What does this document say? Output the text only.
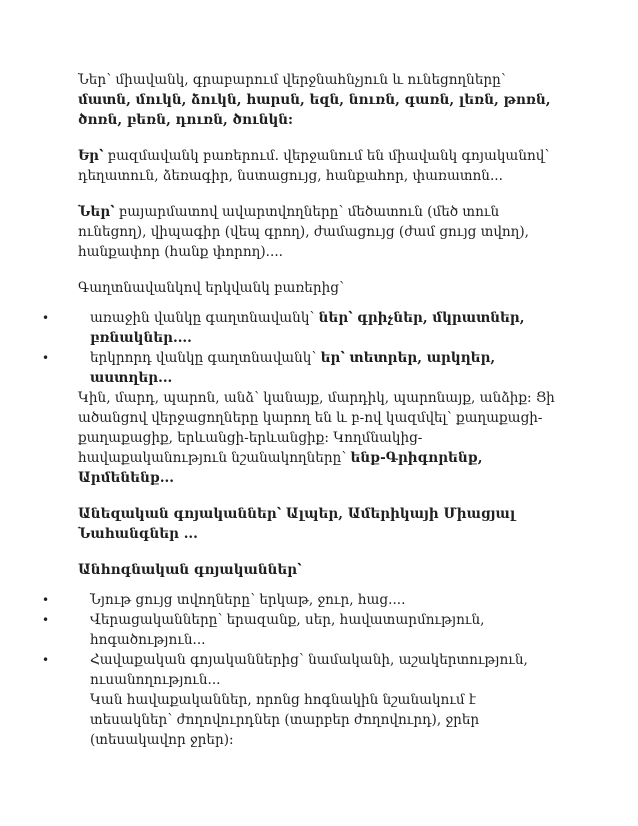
Ներ՝ միավանկ, գրաբարում վերջնահնչյուն և ունեցողները՝ մատն, մուկն, ձուկն, հարսն, եզն, նուռն, գառն, լեռն, թոռն, ծոռն, բեռն, դուռն, ծունկն:

Եր՝ բազմավանկ բառերում. վերջանում են միավանկ գոյականով՝ դեղատուն, ձեռագիր, նստացույց, հանքահոր, փառատոն...

Ներ՝ բայարմատով ավարտվողները՝ մեծատուն (մեծ տուն ունեցող), վիպագիր (վեպ գրող), ժամացույց (ժամ ցույց տվող), հանքափոր (հանք փորող)....

Գաղտնավանկով երկվանկ բառերից՝

•	առաջին վանկը գաղտնավանկ՝ ներ՝ գրիչներ, մկրատներ, բռնակներ....
•	երկրորդ վանկը գաղտնավանկ՝ եր՝ տետրեր, արկղեր, աստղեր...

Կին, մարդ, պարոն, անձ՝ կանայք, մարդիկ, պարոնայք, անձիք: Ցի ածանցով վերջացողները կարող են և բ-ով կազմվել՝ քաղաքացի- քաղաքացիք, երևանցի-երևանցիք: Կողմնակից-հավաքականություն նշանակողները՝ ենք-Գրիգորենք, Արմենենք...

Անեզական գոյականներ՝ Ալպեր, Ամերիկայի Միացյալ Նահանգներ ...

Անհոգնական գոյականներ՝

•	Նյութ ցույց տվողները՝ երկաթ, ջուր, հաց....
•	Վերացականները՝ երազանք, սեր, հավատարմություն, հոգածություն...
•	Հավաքական գոյականներից՝ նամականի, աշակերտություն, ուսանողություն...

Կան հավաքականներ, որոնց հոգնակին նշանակում է տեսակներ՝ ժողովուրդներ (տարբեր ժողովուրդ), ջրեր (տեսակավոր ջրեր):
